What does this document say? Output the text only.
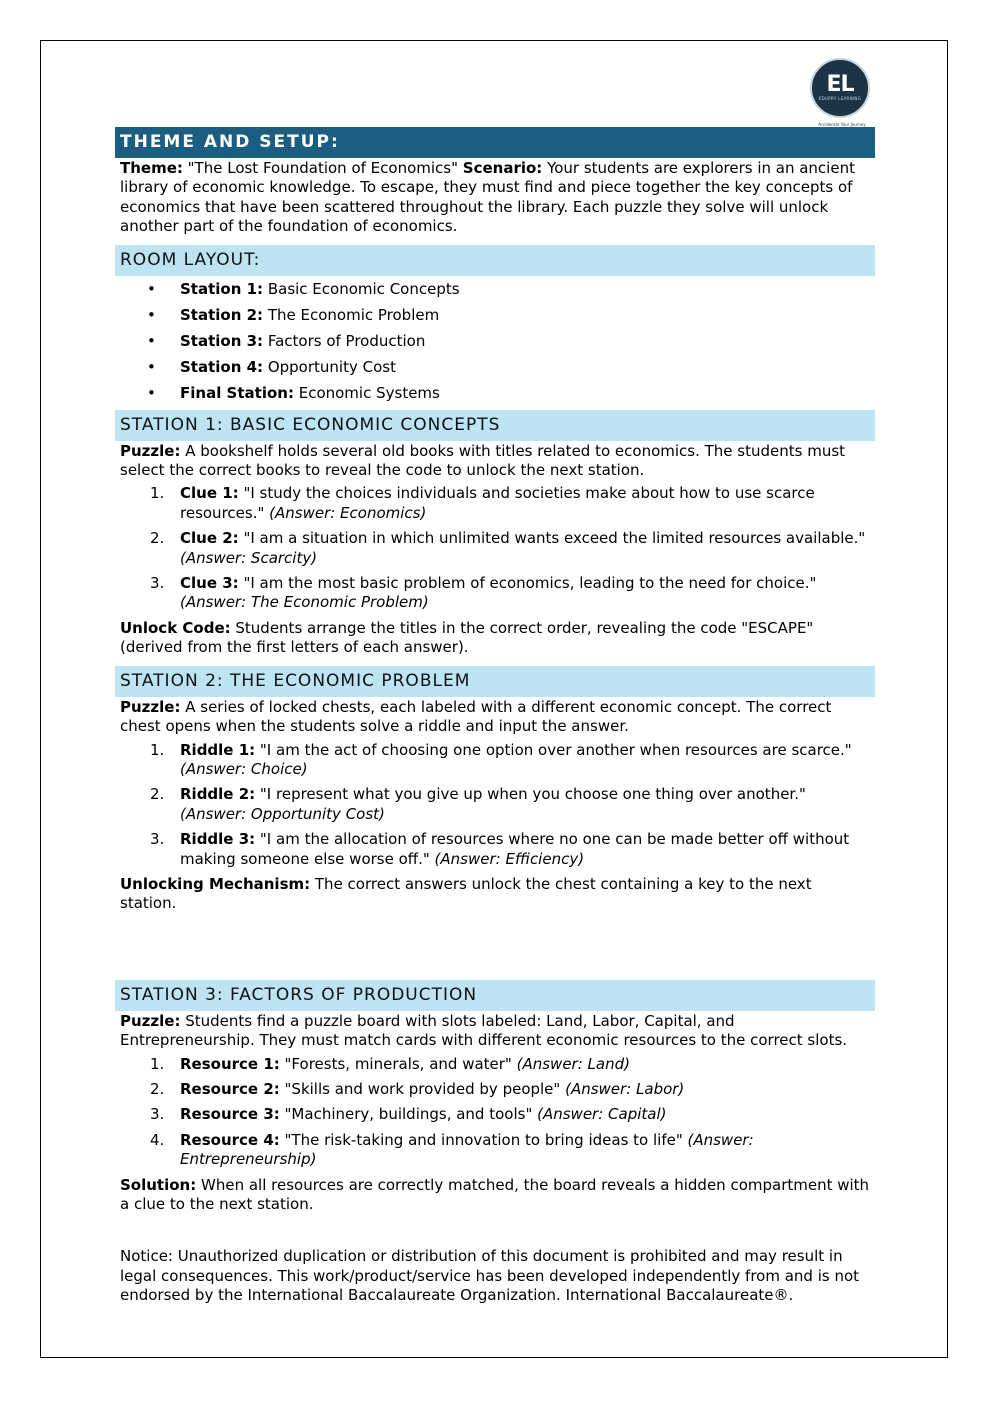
EL
EDUPRY LEARNING
Accelerate Your Journey
THEME AND SETUP:

Theme: "The Lost Foundation of Economics" Scenario: Your students are explorers in an ancient library of economic knowledge. To escape, they must find and piece together the key concepts of economics that have been scattered throughout the library. Each puzzle they solve will unlock another part of the foundation of economics.

ROOM LAYOUT:
• Station 1: Basic Economic Concepts
• Station 2: The Economic Problem
• Station 3: Factors of Production
• Station 4: Opportunity Cost
• Final Station: Economic Systems
STATION 1: BASIC ECONOMIC CONCEPTS

Puzzle: A bookshelf holds several old books with titles related to economics. The students must select the correct books to reveal the code to unlock the next station.

1. Clue 1: "I study the choices individuals and societies make about how to use scarce resources." (Answer: Economics)
2. Clue 2: "I am a situation in which unlimited wants exceed the limited resources available." (Answer: Scarcity)
3. Clue 3: "I am the most basic problem of economics, leading to the need for choice." (Answer: The Economic Problem)

Unlock Code: Students arrange the titles in the correct order, revealing the code "ESCAPE" (derived from the first letters of each answer).

STATION 2: THE ECONOMIC PROBLEM

Puzzle: A series of locked chests, each labeled with a different economic concept. The correct chest opens when the students solve a riddle and input the answer.

1. Riddle 1: "I am the act of choosing one option over another when resources are scarce." (Answer: Choice)
2. Riddle 2: "I represent what you give up when you choose one thing over another." (Answer: Opportunity Cost)
3. Riddle 3: "I am the allocation of resources where no one can be made better off without making someone else worse off." (Answer: Efficiency)

Unlocking Mechanism: The correct answers unlock the chest containing a key to the next station.

STATION 3: FACTORS OF PRODUCTION

Puzzle: Students find a puzzle board with slots labeled: Land, Labor, Capital, and Entrepreneurship. They must match cards with different economic resources to the correct slots.

1. Resource 1: "Forests, minerals, and water" (Answer: Land)
2. Resource 2: "Skills and work provided by people" (Answer: Labor)
3. Resource 3: "Machinery, buildings, and tools" (Answer: Capital)
4. Resource 4: "The risk-taking and innovation to bring ideas to life" (Answer: Entrepreneurship)

Solution: When all resources are correctly matched, the board reveals a hidden compartment with a clue to the next station.

Notice: Unauthorized duplication or distribution of this document is prohibited and may result in legal consequences. This work/product/service has been developed independently from and is not endorsed by the International Baccalaureate Organization. International Baccalaureate®.
